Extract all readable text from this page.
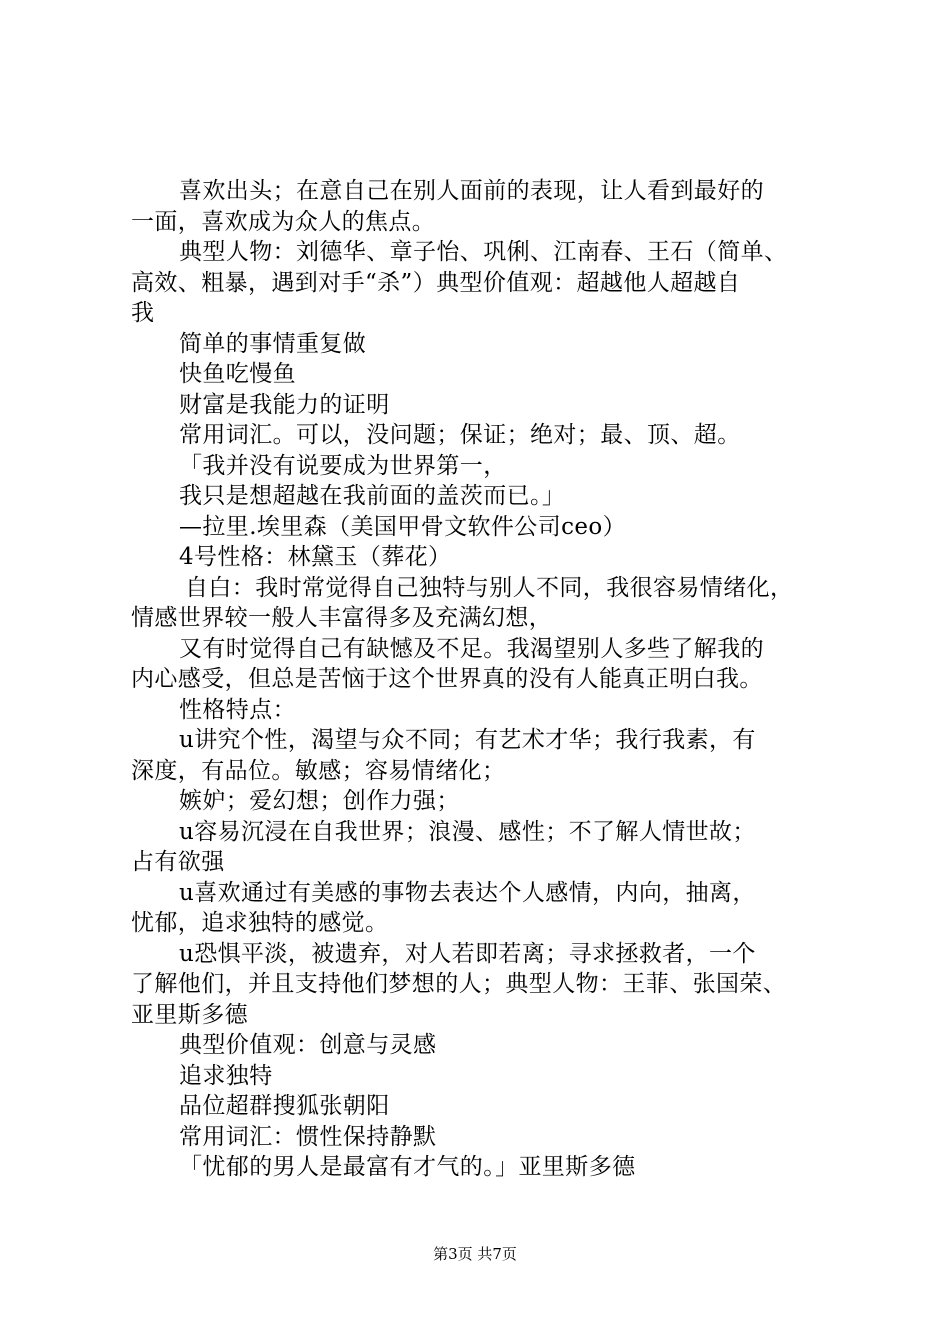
喜欢出头；在意自己在别人面前的表现，让人看到最好的
一面，喜欢成为众人的焦点。
典型人物：刘德华、章子怡、巩俐、江南春、王石（简单、
高效、粗暴，遇到对手“杀”）典型价值观：超越他人超越自
我
简单的事情重复做
快鱼吃慢鱼
财富是我能力的证明
常用词汇。可以，没问题；保证；绝对；最、顶、超。
「我并没有说要成为世界第一，
我只是想超越在我前面的盖茨而已。」
—拉里.埃里森（美国甲骨文软件公司ceo）
4号性格：林黛玉（葬花）
自白：我时常觉得自己独特与别人不同，我很容易情绪化，
情感世界较一般人丰富得多及充满幻想，
又有时觉得自己有缺憾及不足。我渴望别人多些了解我的
内心感受，但总是苦恼于这个世界真的没有人能真正明白我。
性格特点：
u讲究个性，渴望与众不同；有艺术才华；我行我素，有
深度，有品位。敏感；容易情绪化；
嫉妒；爱幻想；创作力强；
u容易沉浸在自我世界；浪漫、感性；不了解人情世故；
占有欲强
u喜欢通过有美感的事物去表达个人感情，内向，抽离，
忧郁，追求独特的感觉。
u恐惧平淡，被遗弃，对人若即若离；寻求拯救者，一个
了解他们，并且支持他们梦想的人；典型人物：王菲、张国荣、
亚里斯多德
典型价值观：创意与灵感
追求独特
品位超群搜狐张朝阳
常用词汇：惯性保持静默
「忧郁的男人是最富有才气的。」亚里斯多德
第3页 共7页
